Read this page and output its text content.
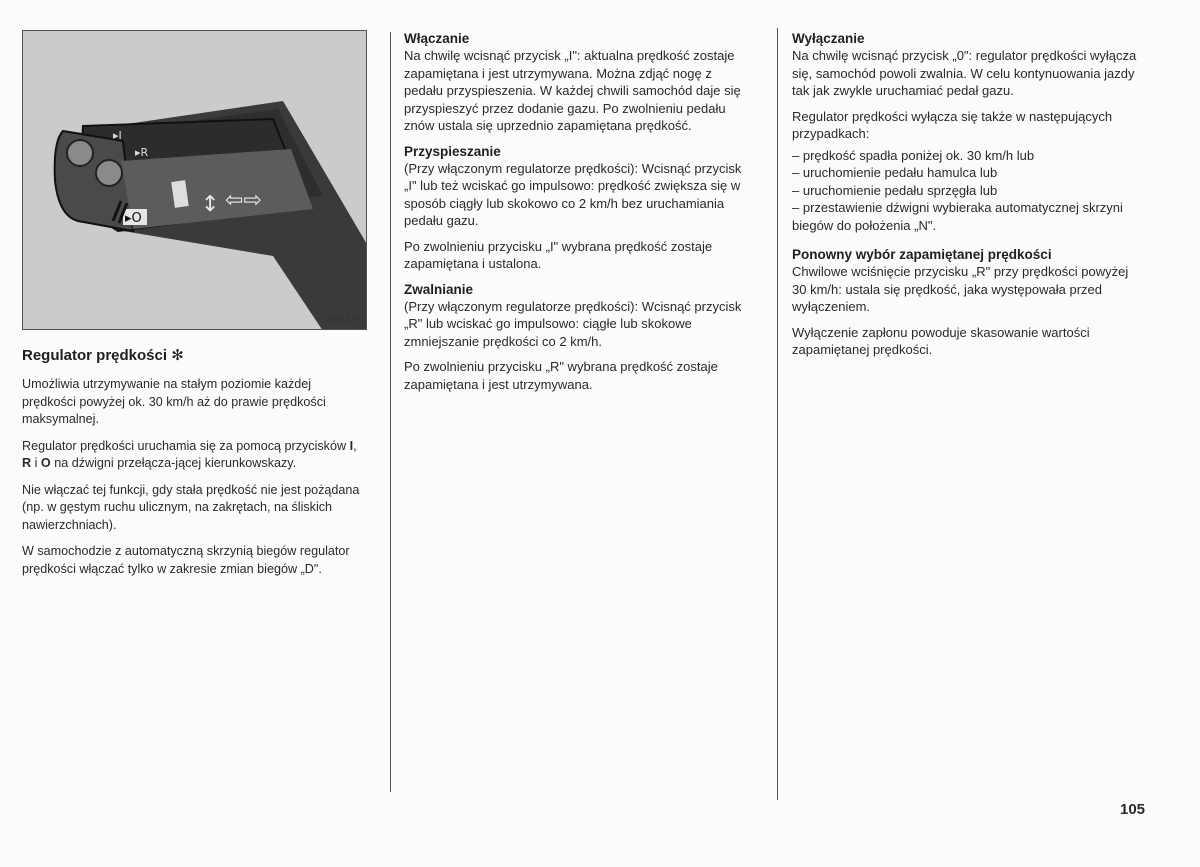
↕ ⇦⇨
▸I
▸R
▸O
4523 V
Regulator prędkości ✻

Umożliwia utrzymywanie na stałym poziomie każdej prędkości powyżej ok. 30 km/h aż do prawie prędkości maksymalnej.

Regulator prędkości uruchamia się za pomocą przycisków I, R i O na dźwigni przełącza-jącej kierunkowskazy.

Nie włączać tej funkcji, gdy stała prędkość nie jest pożądana (np. w gęstym ruchu ulicznym, na zakrętach, na śliskich nawierzchniach).

W samochodzie z automatyczną skrzynią biegów regulator prędkości włączać tylko w zakresie zmian biegów „D".

Włączanie

Na chwilę wcisnąć przycisk „I": aktualna prędkość zostaje zapamiętana i jest utrzymywana. Można zdjąć nogę z pedału przyspieszenia. W każdej chwili samochód daje się przyspieszyć przez dodanie gazu. Po zwolnieniu pedału znów ustala się uprzednio zapamiętana prędkość.

Przyspieszanie

(Przy włączonym regulatorze prędkości): Wcisnąć przycisk „I" lub też wciskać go impulsowo: prędkość zwiększa się w sposób ciągły lub skokowo co 2 km/h bez uruchamiania pedału gazu.

Po zwolnieniu przycisku „I" wybrana prędkość zostaje zapamiętana i ustalona.

Zwalnianie

(Przy włączonym regulatorze prędkości): Wcisnąć przycisk „R" lub wciskać go impulsowo: ciągłe lub skokowe zmniejszanie prędkości co 2 km/h.

Po zwolnieniu przycisku „R" wybrana prędkość zostaje zapamiętana i jest utrzymywana.

Wyłączanie

Na chwilę wcisnąć przycisk „0": regulator prędkości wyłącza się, samochód powoli zwalnia. W celu kontynuowania jazdy tak jak zwykle uruchamiać pedał gazu.

Regulator prędkości wyłącza się także w następujących przypadkach:

– prędkość spadła poniżej ok. 30 km/h lub
– uruchomienie pedału hamulca lub
– uruchomienie pedału sprzęgła lub
– przestawienie dźwigni wybieraka automatycznej skrzyni biegów do położenia „N".
Ponowny wybór zapamiętanej prędkości

Chwilowe wciśnięcie przycisku „R" przy prędkości powyżej 30 km/h: ustala się prędkość, jaka występowała przed wyłączeniem.

Wyłączenie zapłonu powoduje skasowanie wartości zapamiętanej prędkości.

105
